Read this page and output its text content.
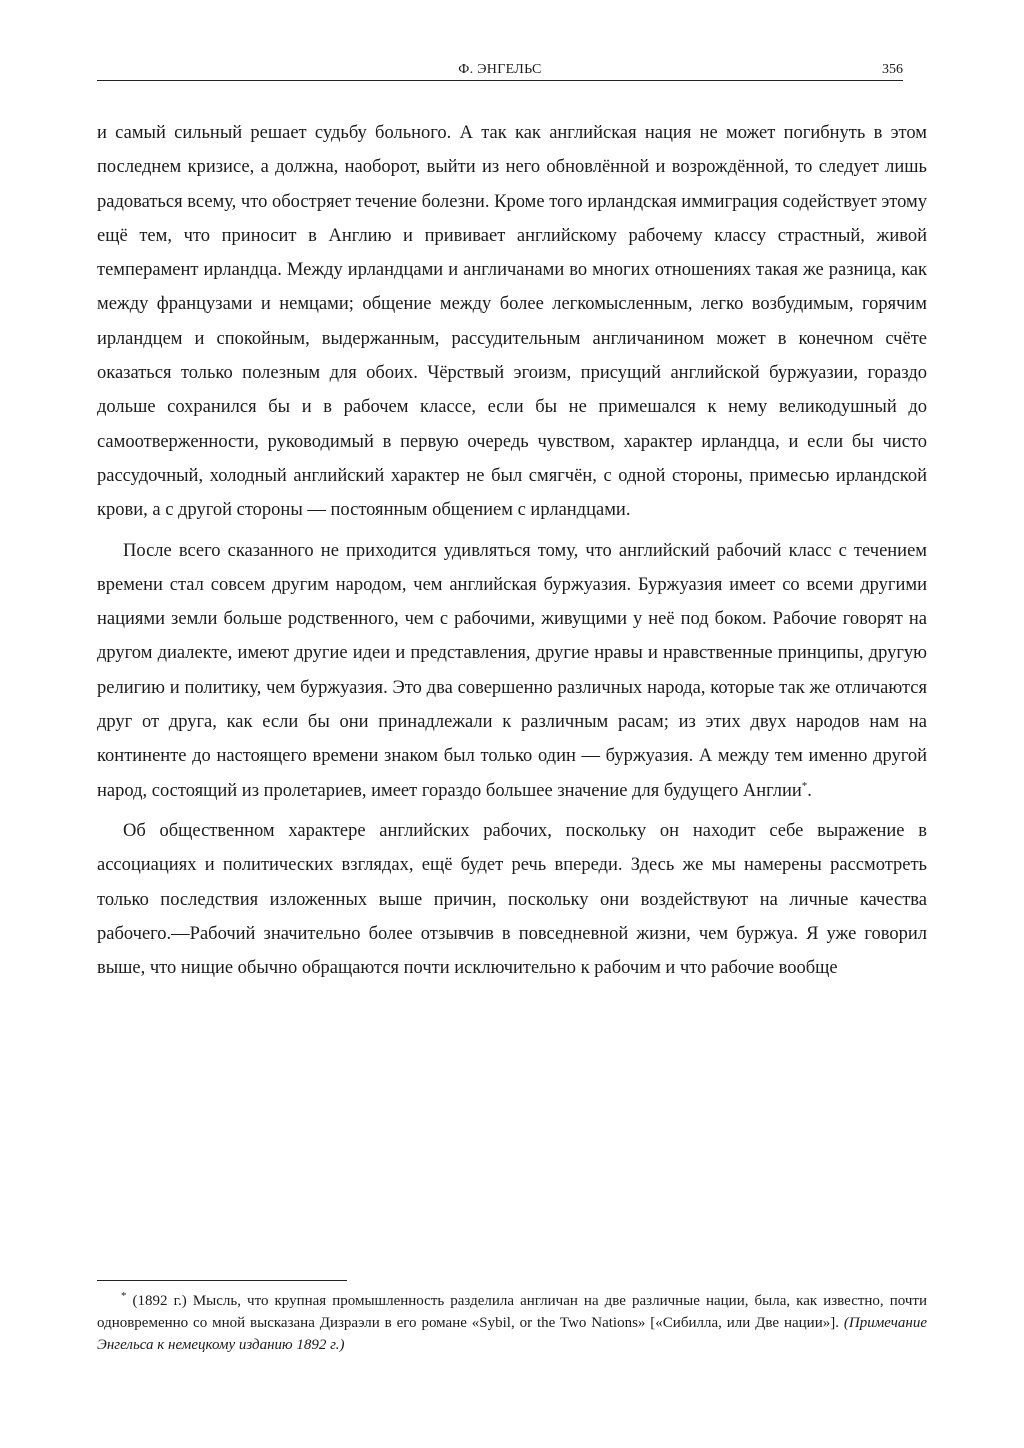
Ф. ЭНГЕЛЬС	356

и самый сильный решает судьбу больного. А так как английская нация не может погибнуть в этом последнем кризисе, а должна, наоборот, выйти из него обновлённой и возрождённой, то следует лишь радоваться всему, что обостряет течение болезни. Кроме того ирландская иммиграция содействует этому ещё тем, что приносит в Англию и прививает английскому рабочему классу страстный, живой темперамент ирландца. Между ирландцами и англичанами во многих отношениях такая же разница, как между французами и немцами; общение между более легкомысленным, легко возбудимым, горячим ирландцем и спокойным, выдержанным, рассудительным англичанином может в конечном счёте оказаться только полезным для обоих. Чёрствый эгоизм, присущий английской буржуазии, гораздо дольше сохранился бы и в рабочем классе, если бы не примешался к нему великодушный до самоотверженности, руководимый в первую очередь чувством, характер ирландца, и если бы чисто рассудочный, холодный английский характер не был смягчён, с одной стороны, примесью ирландской крови, а с другой стороны — постоянным общением с ирландцами.

После всего сказанного не приходится удивляться тому, что английский рабочий класс с течением времени стал совсем другим народом, чем английская буржуазия. Буржуазия имеет со всеми другими нациями земли больше родственного, чем с рабочими, живущими у неё под боком. Рабочие говорят на другом диалекте, имеют другие идеи и представления, другие нравы и нравственные принципы, другую религию и политику, чем буржуазия. Это два совершенно различных народа, которые так же отличаются друг от друга, как если бы они принадлежали к различным расам; из этих двух народов нам на континенте до настоящего времени знаком был только один — буржуазия. А между тем именно другой народ, состоящий из пролетариев, имеет гораздо большее значение для будущего Англии*.

Об общественном характере английских рабочих, поскольку он находит себе выражение в ассоциациях и политических взглядах, ещё будет речь впереди. Здесь же мы намерены рассмотреть только последствия изложенных выше причин, поскольку они воздействуют на личные качества рабочего.—Рабочий значительно более отзывчив в повседневной жизни, чем буржуа. Я уже говорил выше, что нищие обычно обращаются почти исключительно к рабочим и что рабочие вообще

* (1892 г.) Мысль, что крупная промышленность разделила англичан на две различные нации, была, как известно, почти одновременно со мной высказана Дизраэли в его романе «Sybil, or the Two Nations» [«Сибилла, или Две нации»]. (Примечание Энгельса к немецкому изданию 1892 г.)
